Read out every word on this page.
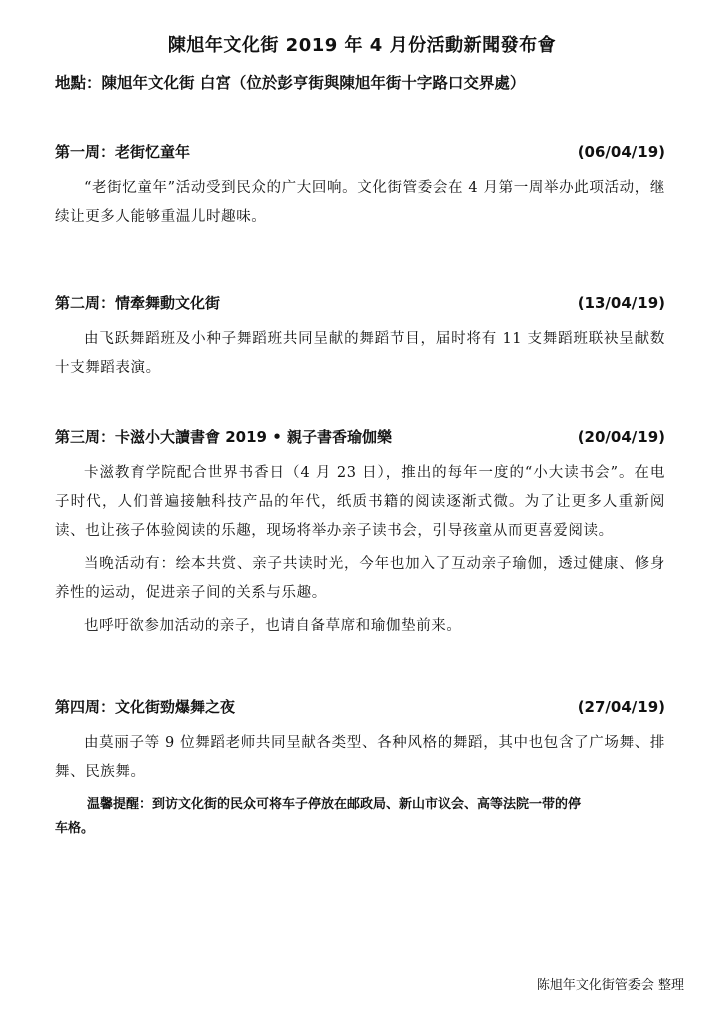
陳旭年文化街 2019 年 4 月份活動新聞發布會
地點：陳旭年文化街 白宮（位於彭亨街與陳旭年街十字路口交界處）
第一周：老街忆童年	(06/04/19)

“老街忆童年”活动受到民众的广大回响。文化街管委会在 4 月第一周举办此项活动，继续让更多人能够重温儿时趣味。

第二周：情牽舞動文化街	(13/04/19)

由飞跃舞蹈班及小种子舞蹈班共同呈献的舞蹈节目，届时将有 11 支舞蹈班联袂呈献数十支舞蹈表演。

第三周：卡滋小大讀書會 2019 • 親子書香瑜伽樂	(20/04/19)

卡滋教育学院配合世界书香日（4 月 23 日），推出的每年一度的“小大读书会”。在电子时代，人们普遍接触科技产品的年代，纸质书籍的阅读逐渐式微。为了让更多人重新阅读、也让孩子体验阅读的乐趣，现场将举办亲子读书会，引导孩童从而更喜爱阅读。

当晚活动有：绘本共赏、亲子共读时光，今年也加入了互动亲子瑜伽，透过健康、修身养性的运动，促进亲子间的关系与乐趣。

也呼吁欲参加活动的亲子，也请自备草席和瑜伽垫前来。

第四周：文化街勁爆舞之夜	(27/04/19)

由莫丽子等 9 位舞蹈老师共同呈献各类型、各种风格的舞蹈，其中也包含了广场舞、排舞、民族舞。

温馨提醒：到访文化街的民众可将车子停放在邮政局、新山市议会、高等法院一带的停
车格。
陈旭年文化街管委会 整理
